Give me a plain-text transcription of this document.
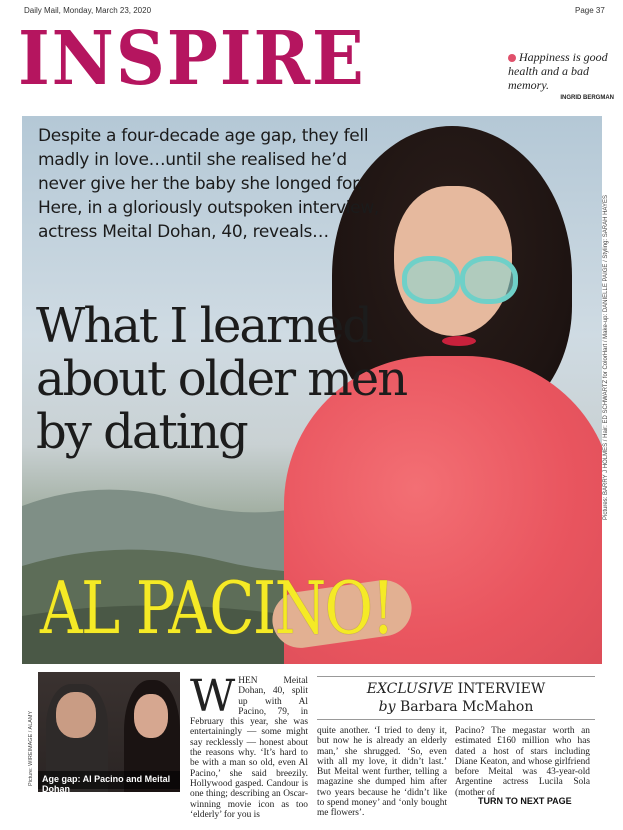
Daily Mail, Monday, March 23, 2020	Page 37
INSPIRE	Happiness is good health and a bad memory.
INGRID BERGMAN
Despite a four-decade age gap, they fell madly in love…until she realised he’d never give her the baby she longed for. Here, in a gloriously outspoken interview, actress Meital Dohan, 40, reveals…
What I learned about older men by dating
AL PACINO!
Pictures: BARRY J HOLMES / Hair: ED SCHWARTZ for ColorHart / Make-up: DANIELLE PAIGE / Styling: SARAH HAYES
Age gap: Al Pacino and Meital Dohan
Picture: WIREIMAGE / ALAMY
WHEN Meital Dohan, 40, split up with Al Pacino, 79, in February this year, she was entertainingly — some might say recklessly — honest about the reasons why. ‘It’s hard to be with a man so old, even Al Pacino,’ she said breezily. Hollywood gasped. Candour is one thing; describing an Oscar-winning movie icon as too ‘elderly’ for you is
EXCLUSIVE INTERVIEW
by Barbara McMahon
quite another. ‘I tried to deny it, but now he is already an elderly man,’ she shrugged. ‘So, even with all my love, it didn’t last.’ But Meital went further, telling a magazine she dumped him after two years because he ‘didn’t like to spend money’ and ‘only bought me flowers’.
Pacino? The megastar worth an estimated £160 million who has dated a host of stars including Diane Keaton, and whose girlfriend before Meital was 43-year-old Argentine actress Lucila Sola (mother of
TURN TO NEXT PAGE
